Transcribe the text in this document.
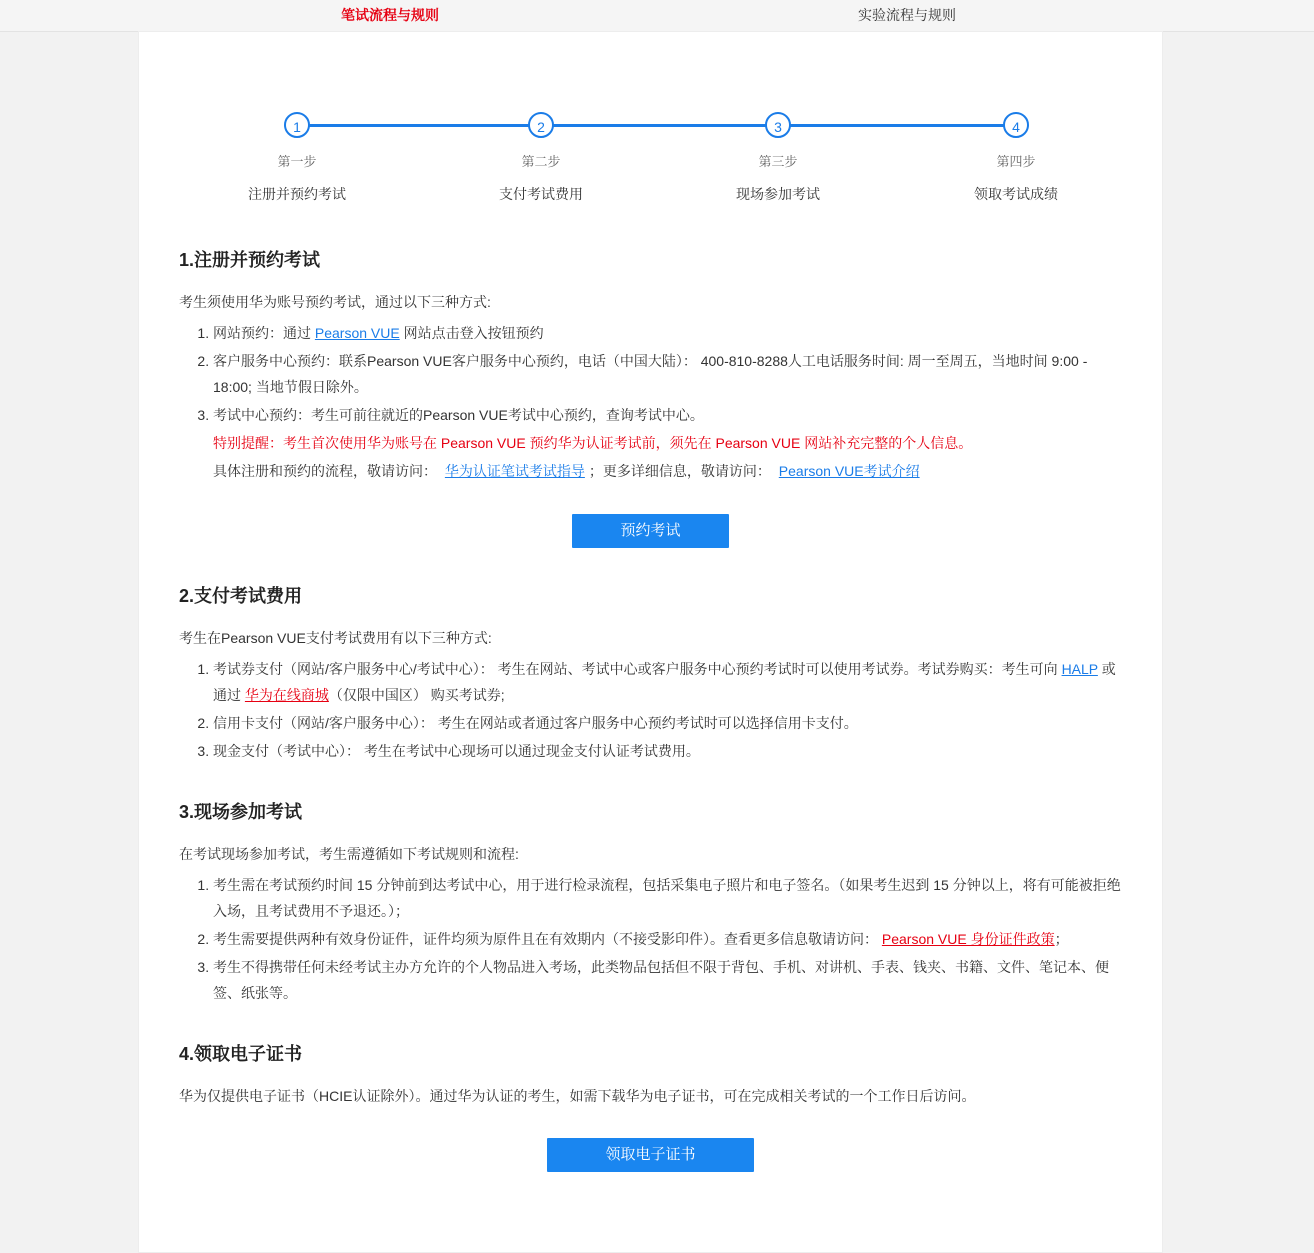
笔试流程与规则	实验流程与规则
1
第一步
注册并预约考试
2
第二步
支付考试费用
3
第三步
现场参加考试
4
第四步
领取考试成绩
1.注册并预约考试

考生须使用华为账号预约考试，通过以下三种方式:

1. 网站预约：通过 Pearson VUE 网站点击登入按钮预约
2. 客户服务中心预约：联系Pearson VUE客户服务中心预约，电话（中国大陆）： 400-810-8288人工电话服务时间: 周一至周五，当地时间 9:00 - 18:00; 当地节假日除外。
3. 考试中心预约：考生可前往就近的Pearson VUE考试中心预约，查询考试中心。
特别提醒：考生首次使用华为账号在 Pearson VUE 预约华为认证考试前，须先在 Pearson VUE 网站补充完整的个人信息。
具体注册和预约的流程，敬请访问： 华为认证笔试考试指导 ；更多详细信息，敬请访问： Pearson VUE考试介绍
预约考试
2.支付考试费用

考生在Pearson VUE支付考试费用有以下三种方式:

1. 考试券支付（网站/客户服务中心/考试中心）： 考生在网站、考试中心或客户服务中心预约考试时可以使用考试券。考试券购买：考生可向 HALP 或通过 华为在线商城（仅限中国区） 购买考试券;
2. 信用卡支付（网站/客户服务中心）： 考生在网站或者通过客户服务中心预约考试时可以选择信用卡支付。
3. 现金支付（考试中心）： 考生在考试中心现场可以通过现金支付认证考试费用。
3.现场参加考试

在考试现场参加考试，考生需遵循如下考试规则和流程:

1. 考生需在考试预约时间 15 分钟前到达考试中心，用于进行检录流程，包括采集电子照片和电子签名。（如果考生迟到 15 分钟以上，将有可能被拒绝入场，且考试费用不予退还。）；
2. 考生需要提供两种有效身份证件，证件均须为原件且在有效期内（不接受影印件）。查看更多信息敬请访问： Pearson VUE 身份证件政策；
3. 考生不得携带任何未经考试主办方允许的个人物品进入考场，此类物品包括但不限于背包、手机、对讲机、手表、钱夹、书籍、文件、笔记本、便签、纸张等。
4.领取电子证书

华为仅提供电子证书（HCIE认证除外）。通过华为认证的考生，如需下载华为电子证书，可在完成相关考试的一个工作日后访问。

领取电子证书
